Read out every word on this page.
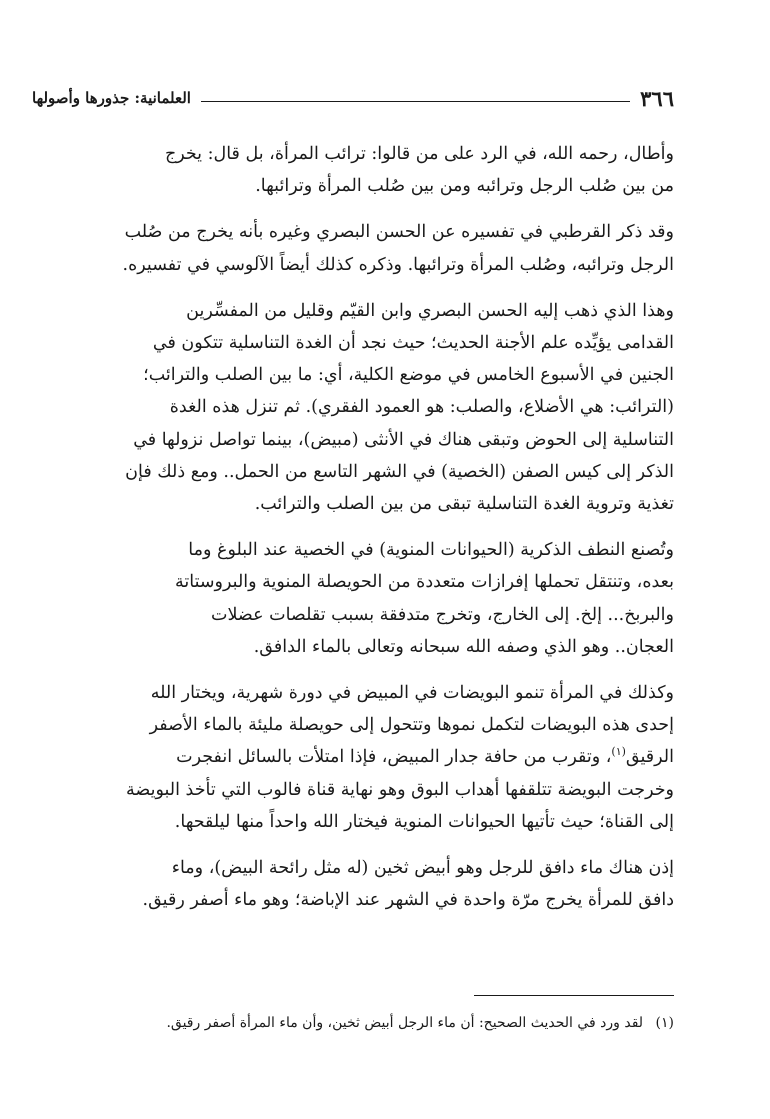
٣٦٦
العلمانية: جذورها وأصولها

وأطال، رحمه الله، في الرد على من قالوا: ترائب المرأة، بل قال: يخرج
من بين صُلب الرجل وترائبه ومن بين صُلب المرأة وترائبها.

وقد ذكر القرطبي في تفسيره عن الحسن البصري وغيره بأنه يخرج من صُلب
الرجل وترائبه، وصُلب المرأة وترائبها. وذكره كذلك أيضاً الآلوسي في تفسيره.

وهذا الذي ذهب إليه الحسن البصري وابن القيّم وقليل من المفسِّرين
القدامى يؤيِّده علم الأجنة الحديث؛ حيث نجد أن الغدة التناسلية تتكون في
الجنين في الأسبوع الخامس في موضع الكلية، أي: ما بين الصلب والترائب؛
(الترائب: هي الأضلاع، والصلب: هو العمود الفقري). ثم تنزل هذه الغدة
التناسلية إلى الحوض وتبقى هناك في الأنثى (مبيض)، بينما تواصل نزولها في
الذكر إلى كيس الصفن (الخصية) في الشهر التاسع من الحمل.. ومع ذلك فإن
تغذية وتروية الغدة التناسلية تبقى من بين الصلب والترائب.

وتُصنع النطف الذكرية (الحيوانات المنوية) في الخصية عند البلوغ وما
بعده، وتنتقل تحملها إفرازات متعددة من الحويصلة المنوية والبروستاتة
والبربخ... إلخ. إلى الخارج، وتخرج متدفقة بسبب تقلصات عضلات
العجان.. وهو الذي وصفه الله سبحانه وتعالى بالماء الدافق.

وكذلك في المرأة تنمو البويضات في المبيض في دورة شهرية، ويختار الله
إحدى هذه البويضات لتكمل نموها وتتحول إلى حويصلة مليئة بالماء الأصفر
الرقيق$^{(١)}$، وتقرب من حافة جدار المبيض، فإذا امتلأت بالسائل انفجرت
وخرجت البويضة تتلقفها أهداب البوق وهو نهاية قناة فالوب التي تأخذ البويضة
إلى القناة؛ حيث تأتيها الحيوانات المنوية فيختار الله واحداً منها ليلقحها.

إذن هناك ماء دافق للرجل وهو أبيض ثخين (له مثل رائحة البيض)، وماء
دافق للمرأة يخرج مرّة واحدة في الشهر عند الإباضة؛ وهو ماء أصفر رقيق.

(١) لقد ورد في الحديث الصحيح: أن ماء الرجل أبيض ثخين، وأن ماء المرأة أصفر رقيق.
